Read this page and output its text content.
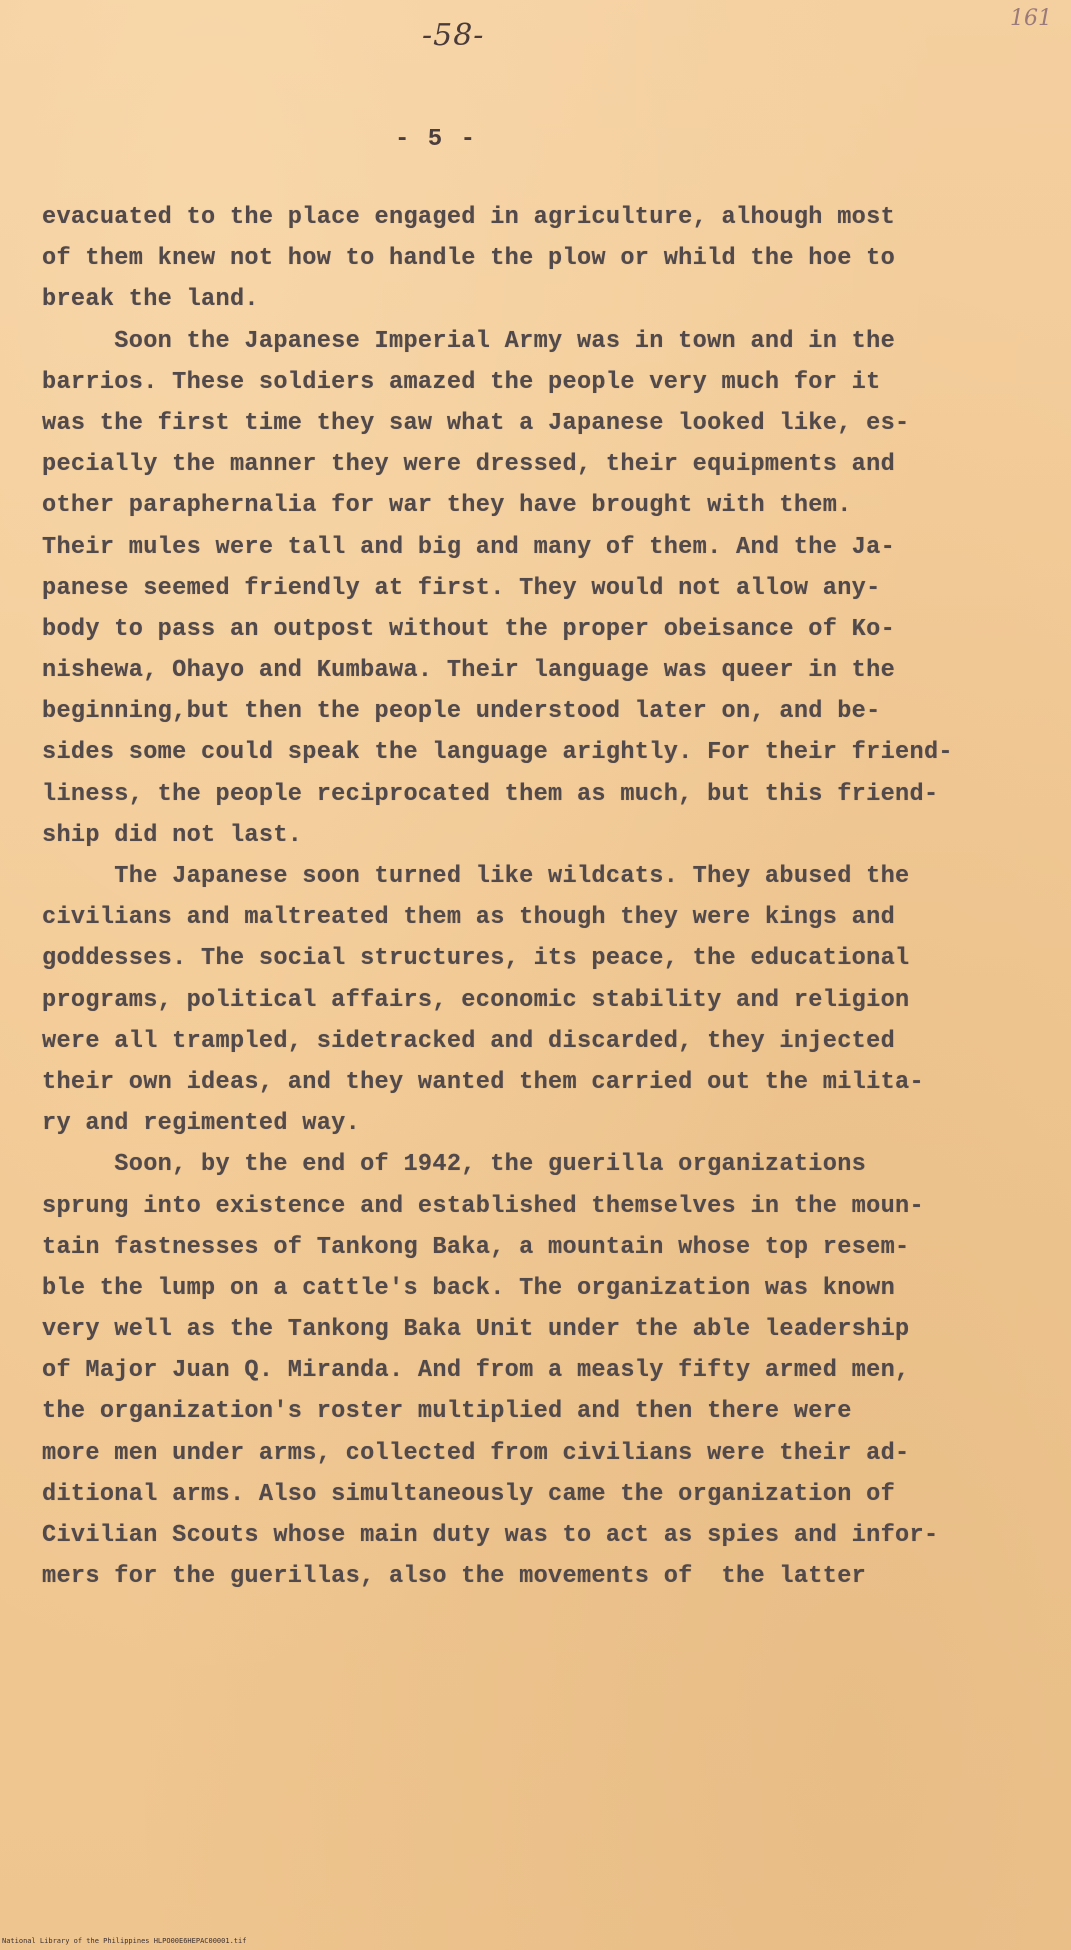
-58-	161
- 5 -
evacuated to the place engaged in agriculture, alhough most
of them knew not how to handle the plow or whild the hoe to
break the land.
Soon the Japanese Imperial Army was in town and in the
barrios. These soldiers amazed the people very much for it
was the first time they saw what a Japanese looked like, es-
pecially the manner they were dressed, their equipments and
other paraphernalia for war they have brought with them.
Their mules were tall and big and many of them. And the Ja-
panese seemed friendly at first. They would not allow any-
body to pass an outpost without the proper obeisance of Ko-
nishewa, Ohayo and Kumbawa. Their language was queer in the
beginning,but then the people understood later on, and be-
sides some could speak the language arightly. For their friend-
liness, the people reciprocated them as much, but this friend-
ship did not last.
The Japanese soon turned like wildcats. They abused the
civilians and maltreated them as though they were kings and
goddesses. The social structures, its peace, the educational
programs, political affairs, economic stability and religion
were all trampled, sidetracked and discarded, they injected
their own ideas, and they wanted them carried out the milita-
ry and regimented way.
Soon, by the end of 1942, the guerilla organizations
sprung into existence and established themselves in the moun-
tain fastnesses of Tankong Baka, a mountain whose top resem-
ble the lump on a cattle's back. The organization was known
very well as the Tankong Baka Unit under the able leadership
of Major Juan Q. Miranda. And from a measly fifty armed men,
the organization's roster multiplied and then there were
more men under arms, collected from civilians were their ad-
ditional arms. Also simultaneously came the organization of
Civilian Scouts whose main duty was to act as spies and infor-
mers for the guerillas, also the movements of  the latter
National Library of the Philippines HLPO00E6HEPAC00001.tif
